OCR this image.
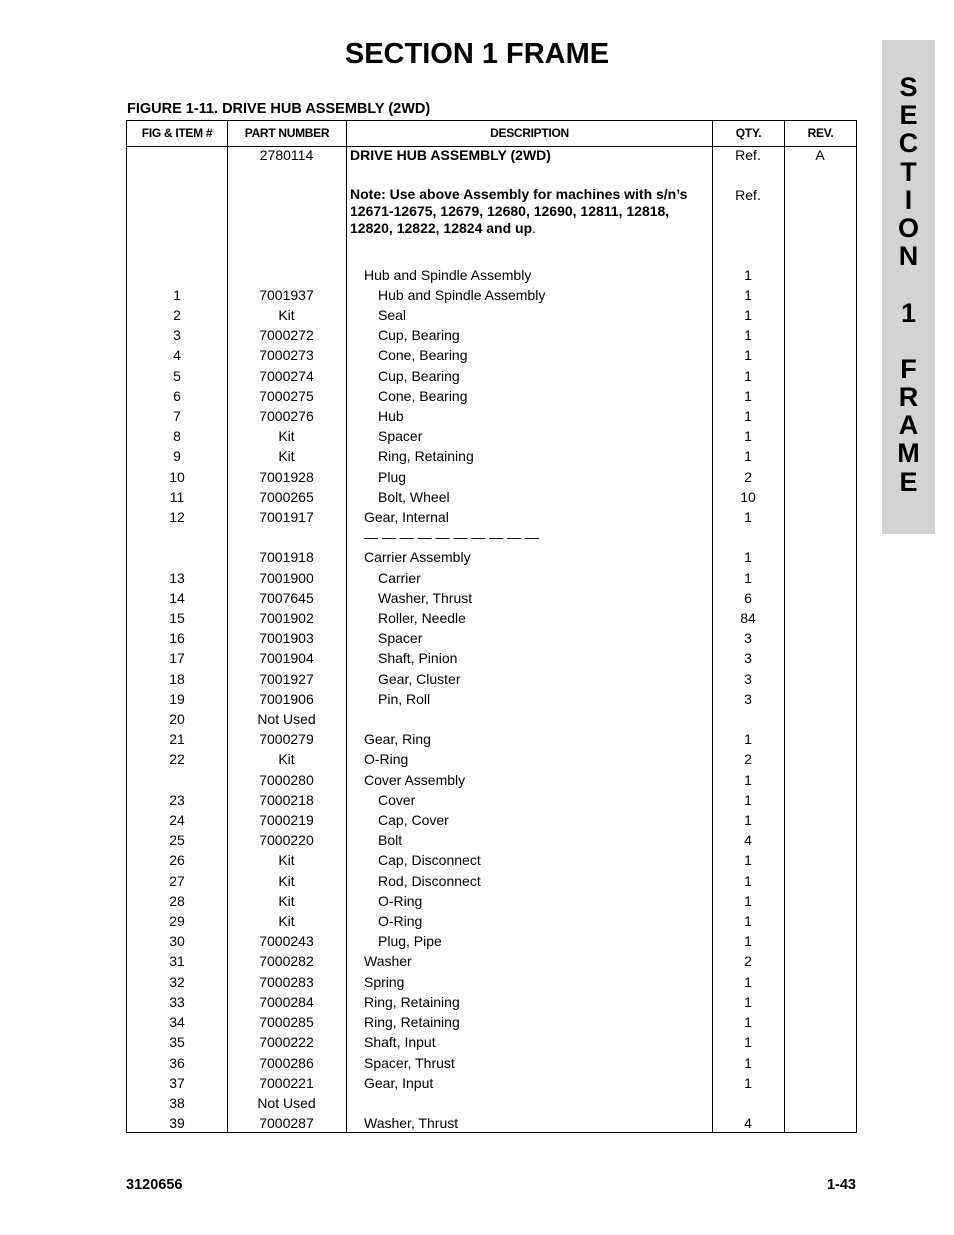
SECTION 1 FRAME
FIGURE 1-11. DRIVE HUB ASSEMBLY (2WD)
S
E
C
T
I
O
N

1

F
R
A
M
E
FIG & ITEM #	PART NUMBER	DESCRIPTION	QTY.	REV.
	2780114	DRIVE HUB ASSEMBLY (2WD)	Ref.	A

		Note: Use above Assembly for machines with s/n’s 12671-12675, 12679, 12680, 12690, 12811, 12818, 12820, 12822, 12824 and up.	Ref.	

		Hub and Spindle Assembly	1	
1	7001937	Hub and Spindle Assembly	1	
2	Kit	Seal	1	
3	7000272	Cup, Bearing	1	
4	7000273	Cone, Bearing	1	
5	7000274	Cup, Bearing	1	
6	7000275	Cone, Bearing	1	
7	7000276	Hub	1	
8	Kit	Spacer	1	
9	Kit	Ring, Retaining	1	
10	7001928	Plug	2	
11	7000265	Bolt, Wheel	10	
12	7001917	Gear, Internal	1	
		— — — — — — — — — —		
	7001918	Carrier Assembly	1	
13	7001900	Carrier	1	
14	7007645	Washer, Thrust	6	
15	7001902	Roller, Needle	84	
16	7001903	Spacer	3	
17	7001904	Shaft, Pinion	3	
18	7001927	Gear, Cluster	3	
19	7001906	Pin, Roll	3	
20	Not Used			
21	7000279	Gear, Ring	1	
22	Kit	O-Ring	2	
	7000280	Cover Assembly	1	
23	7000218	Cover	1	
24	7000219	Cap, Cover	1	
25	7000220	Bolt	4	
26	Kit	Cap, Disconnect	1	
27	Kit	Rod, Disconnect	1	
28	Kit	O-Ring	1	
29	Kit	O-Ring	1	
30	7000243	Plug, Pipe	1	
31	7000282	Washer	2	
32	7000283	Spring	1	
33	7000284	Ring, Retaining	1	
34	7000285	Ring, Retaining	1	
35	7000222	Shaft, Input	1	
36	7000286	Spacer, Thrust	1	
37	7000221	Gear, Input	1	
38	Not Used			
39	7000287	Washer, Thrust	4	
3120656	1-43
